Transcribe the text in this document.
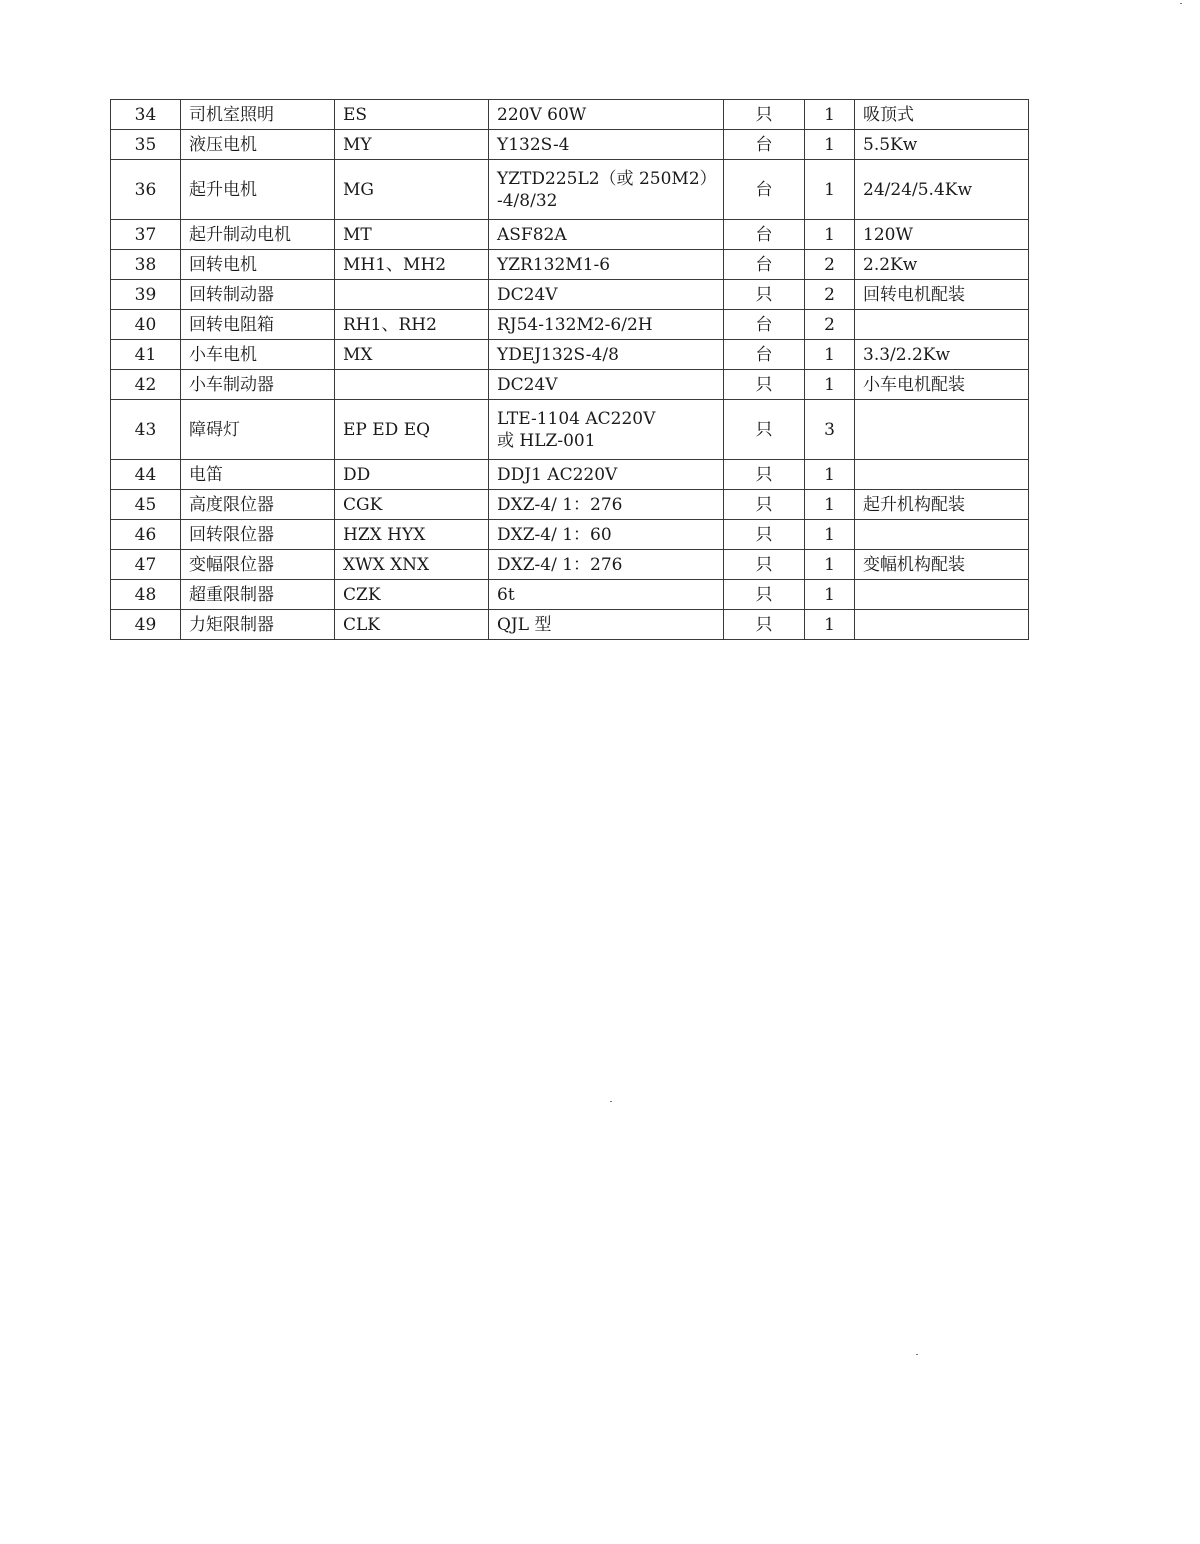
34	司机室照明	ES	220V 60W	只	1	吸顶式
35	液压电机	MY	Y132S-4	台	1	5.5Kw
36	起升电机	MG	YZTD225L2（或 250M2）
-4/8/32	台	1	24/24/5.4Kw
37	起升制动电机	MT	ASF82A	台	1	120W
38	回转电机	MH1、MH2	YZR132M1-6	台	2	2.2Kw
39	回转制动器		DC24V	只	2	回转电机配装
40	回转电阻箱	RH1、RH2	RJ54-132M2-6/2H	台	2	
41	小车电机	MX	YDEJ132S-4/8	台	1	3.3/2.2Kw
42	小车制动器		DC24V	只	1	小车电机配装
43	障碍灯	EP ED EQ	LTE-1104 AC220V
或 HLZ-001	只	3	
44	电笛	DD	DDJ1 AC220V	只	1	
45	高度限位器	CGK	DXZ-4/ 1：276	只	1	起升机构配装
46	回转限位器	HZX HYX	DXZ-4/ 1：60	只	1	
47	变幅限位器	XWX XNX	DXZ-4/ 1：276	只	1	变幅机构配装
48	超重限制器	CZK	6t	只	1	
49	力矩限制器	CLK	QJL 型	只	1	
